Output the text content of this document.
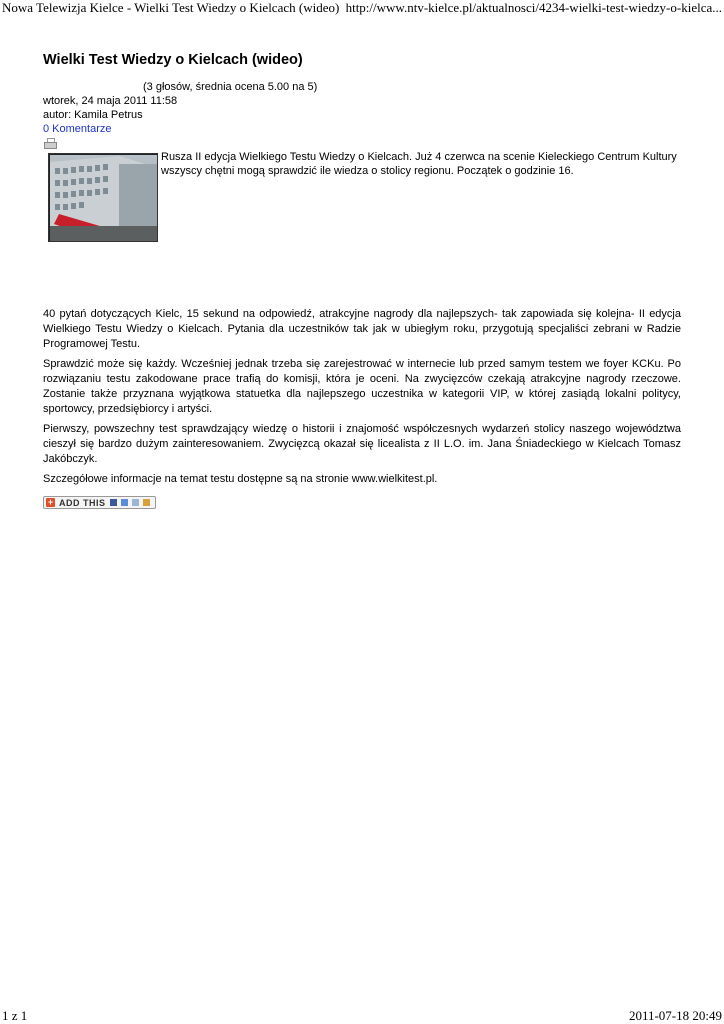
Nowa Telewizja Kielce - Wielki Test Wiedzy o Kielcach (wideo) http://www.ntv-kielce.pl/aktualnosci/4234-wielki-test-wiedzy-o-kielca...
Wielki Test Wiedzy o Kielcach (wideo)
(3 głosów, średnia ocena 5.00 na 5)
wtorek, 24 maja 2011 11:58
autor: Kamila Petrus
0 Komentarze

Rusza II edycja Wielkiego Testu Wiedzy o Kielcach. Już 4 czerwca na scenie Kieleckiego Centrum Kultury wszyscy chętni mogą sprawdzić ile wiedza o stolicy regionu. Początek o godzinie 16.

40 pytań dotyczących Kielc, 15 sekund na odpowiedź, atrakcyjne nagrody dla najlepszych- tak zapowiada się kolejna- II edycja Wielkiego Testu Wiedzy o Kielcach. Pytania dla uczestników tak jak w ubiegłym roku, przygotują specjaliści zebrani w Radzie Programowej Testu.

Sprawdzić może się każdy. Wcześniej jednak trzeba się zarejestrować w internecie lub przed samym testem we foyer KCKu. Po rozwiązaniu testu zakodowane prace trafią do komisji, która je oceni. Na zwycięzców czekają atrakcyjne nagrody rzeczowe. Zostanie także przyznana wyjątkowa statuetka dla najlepszego uczestnika w kategorii VIP, w której zasiądą lokalni politycy, sportowcy, przedsiębiorcy i artyści.

Pierwszy, powszechny test sprawdzający wiedzę o historii i znajomość współczesnych wydarzeń stolicy naszego województwa cieszył się bardzo dużym zainteresowaniem. Zwycięzcą okazał się licealista z II L.O. im. Jana Śniadeckiego w Kielcach Tomasz Jakóbczyk.

Szczegółowe informacje na temat testu dostępne są na stronie www.wielkitest.pl.

+ ADD THIS
1 z 1	2011-07-18 20:49
